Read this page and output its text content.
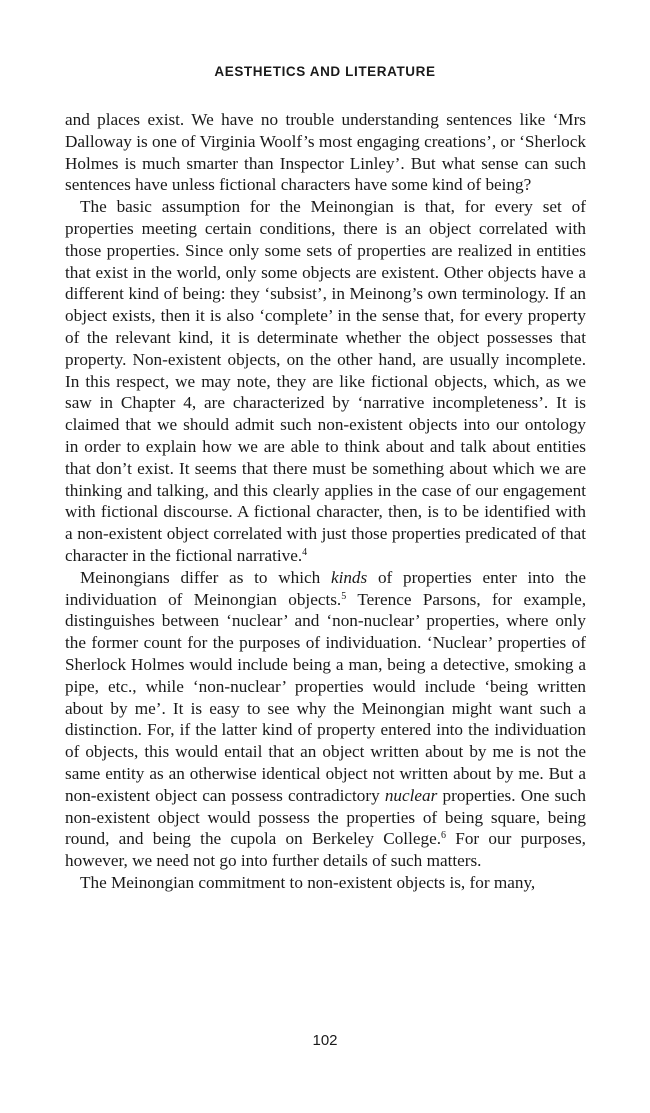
AESTHETICS AND LITERATURE

and places exist. We have no trouble understanding sentences like ‘Mrs Dalloway is one of Virginia Woolf’s most engaging creations’, or ‘Sherlock Holmes is much smarter than Inspector Linley’. But what sense can such sentences have unless fictional characters have some kind of being?

The basic assumption for the Meinongian is that, for every set of properties meeting certain conditions, there is an object correlated with those properties. Since only some sets of properties are realized in entities that exist in the world, only some objects are existent. Other objects have a different kind of being: they ‘subsist’, in Meinong’s own terminology. If an object exists, then it is also ‘complete’ in the sense that, for every property of the relevant kind, it is determinate whether the object possesses that property. Non-existent objects, on the other hand, are usually incomplete. In this respect, we may note, they are like fictional objects, which, as we saw in Chapter 4, are characterized by ‘narrative incompleteness’. It is claimed that we should admit such non-existent objects into our ontology in order to explain how we are able to think about and talk about entities that don’t exist. It seems that there must be something about which we are thinking and talking, and this clearly applies in the case of our engagement with fictional discourse. A fictional character, then, is to be identified with a non-existent object correlated with just those properties predicated of that character in the fictional narrative.$^4$

Meinongians differ as to which kinds of properties enter into the individuation of Meinongian objects.$^5$ Terence Parsons, for example, distinguishes between ‘nuclear’ and ‘non-nuclear’ properties, where only the former count for the purposes of individuation. ‘Nuclear’ properties of Sherlock Holmes would include being a man, being a detective, smoking a pipe, etc., while ‘non-nuclear’ properties would include ‘being written about by me’. It is easy to see why the Meinongian might want such a distinction. For, if the latter kind of property entered into the individuation of objects, this would entail that an object written about by me is not the same entity as an otherwise identical object not written about by me. But a non-existent object can possess contradictory nuclear properties. One such non-existent object would possess the properties of being square, being round, and being the cupola on Berkeley College.$^6$ For our purposes, however, we need not go into further details of such matters.

The Meinongian commitment to non-existent objects is, for many,

102
